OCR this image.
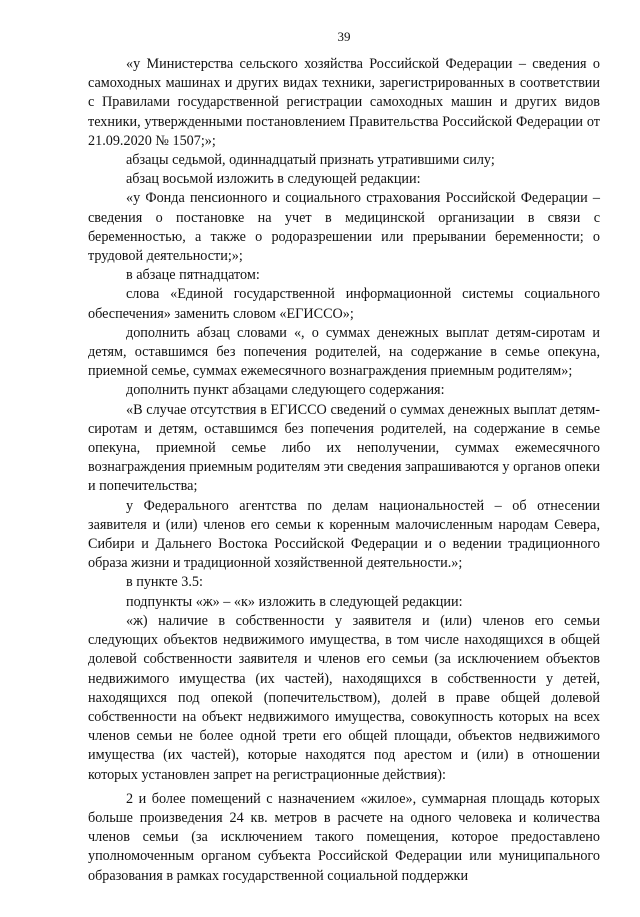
39

«у Министерства сельского хозяйства Российской Федерации – сведения о самоходных машинах и других видах техники, зарегистрированных в соответствии с Правилами государственной регистрации самоходных машин и других видов техники, утвержденными постановлением Правительства Российской Федерации от 21.09.2020 № 1507;»;

абзацы седьмой, одиннадцатый признать утратившими силу;

абзац восьмой изложить в следующей редакции:

«у Фонда пенсионного и социального страхования Российской Федерации – сведения о постановке на учет в медицинской организации в связи с беременностью, а также о родоразрешении или прерывании беременности; о трудовой деятельности;»;

в абзаце пятнадцатом:

слова «Единой государственной информационной системы социального обеспечения» заменить словом «ЕГИССО»;

дополнить абзац словами «, о суммах денежных выплат детям-сиротам и детям, оставшимся без попечения родителей, на содержание в семье опекуна, приемной семье, суммах ежемесячного вознаграждения приемным родителям»;

дополнить пункт абзацами следующего содержания:

«В случае отсутствия в ЕГИССО сведений о суммах денежных выплат детям-сиротам и детям, оставшимся без попечения родителей, на содержание в семье опекуна, приемной семье либо их неполучении, суммах ежемесячного вознаграждения приемным родителям эти сведения запрашиваются у органов опеки и попечительства;

у Федерального агентства по делам национальностей – об отнесении заявителя и (или) членов его семьи к коренным малочисленным народам Севера, Сибири и Дальнего Востока Российской Федерации и о ведении традиционного образа жизни и традиционной хозяйственной деятельности.»;

в пункте 3.5:

подпункты «ж» – «к» изложить в следующей редакции:

«ж) наличие в собственности у заявителя и (или) членов его семьи следующих объектов недвижимого имущества, в том числе находящихся в общей долевой собственности заявителя и членов его семьи (за исключением объектов недвижимого имущества (их частей), находящихся в собственности у детей, находящихся под опекой (попечительством), долей в праве общей долевой собственности на объект недвижимого имущества, совокупность которых на всех членов семьи не более одной трети его общей площади, объектов недвижимого имущества (их частей), которые находятся под арестом и (или) в отношении которых установлен запрет на регистрационные действия):

2 и более помещений с назначением «жилое», суммарная площадь которых больше произведения 24 кв. метров в расчете на одного человека и количества членов семьи (за исключением такого помещения, которое предоставлено уполномоченным органом субъекта Российской Федерации или муниципального образования в рамках государственной социальной поддержки
